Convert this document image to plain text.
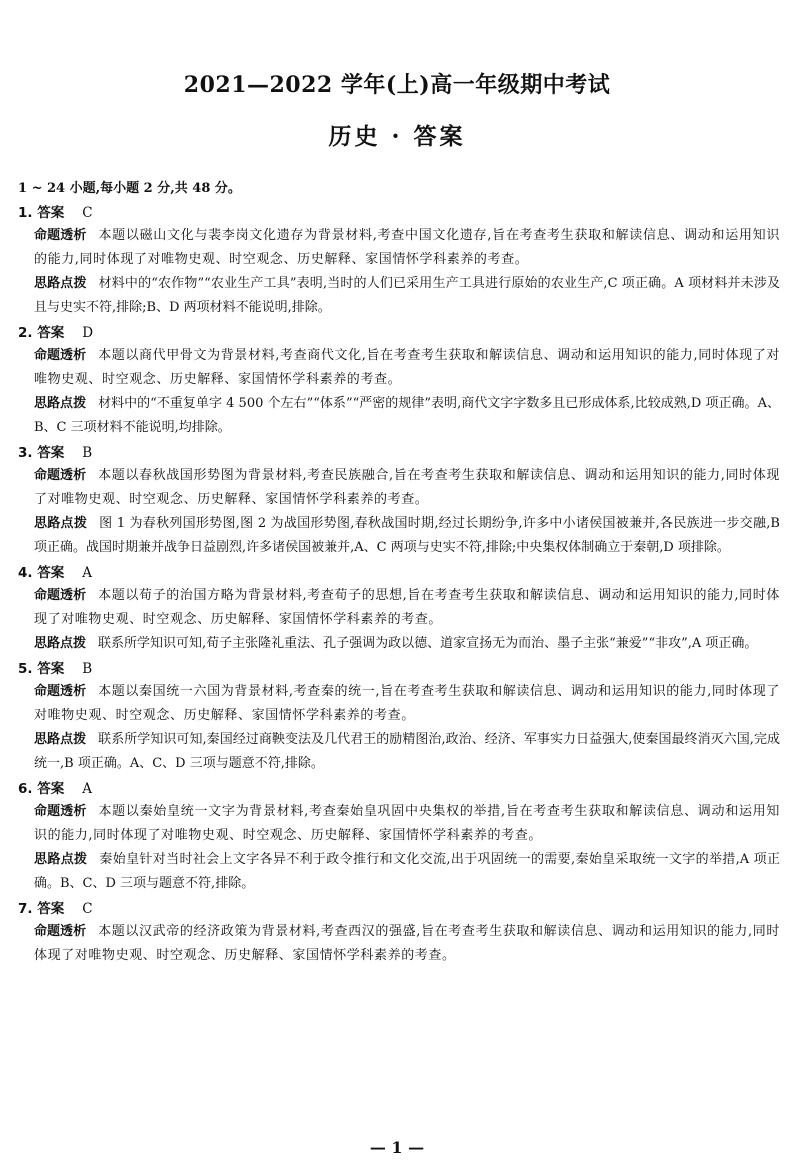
2021—2022 学年(上)高一年级期中考试
历史 · 答案
1 ~ 24 小题,每小题 2 分,共 48 分。
1. 答案 C
命题透析 本题以磁山文化与裴李岗文化遗存为背景材料,考查中国文化遗存,旨在考查考生获取和解读信息、调动和运用知识的能力,同时体现了对唯物史观、时空观念、历史解释、家国情怀学科素养的考查。
思路点拨 材料中的“农作物”“农业生产工具”表明,当时的人们已采用生产工具进行原始的农业生产,C 项正确。A 项材料并未涉及且与史实不符,排除;B、D 两项材料不能说明,排除。
2. 答案 D
命题透析 本题以商代甲骨文为背景材料,考查商代文化,旨在考查考生获取和解读信息、调动和运用知识的能力,同时体现了对唯物史观、时空观念、历史解释、家国情怀学科素养的考查。
思路点拨 材料中的“不重复单字 4 500 个左右”“体系”“严密的规律”表明,商代文字字数多且已形成体系,比较成熟,D 项正确。A、B、C 三项材料不能说明,均排除。
3. 答案 B
命题透析 本题以春秋战国形势图为背景材料,考查民族融合,旨在考查考生获取和解读信息、调动和运用知识的能力,同时体现了对唯物史观、时空观念、历史解释、家国情怀学科素养的考查。
思路点拨 图 1 为春秋列国形势图,图 2 为战国形势图,春秋战国时期,经过长期纷争,许多中小诸侯国被兼并,各民族进一步交融,B 项正确。战国时期兼并战争日益剧烈,许多诸侯国被兼并,A、C 两项与史实不符,排除;中央集权体制确立于秦朝,D 项排除。
4. 答案 A
命题透析 本题以荀子的治国方略为背景材料,考查荀子的思想,旨在考查考生获取和解读信息、调动和运用知识的能力,同时体现了对唯物史观、时空观念、历史解释、家国情怀学科素养的考查。
思路点拨 联系所学知识可知,荀子主张隆礼重法、孔子强调为政以德、道家宣扬无为而治、墨子主张“兼爱”“非攻”,A 项正确。
5. 答案 B
命题透析 本题以秦国统一六国为背景材料,考查秦的统一,旨在考查考生获取和解读信息、调动和运用知识的能力,同时体现了对唯物史观、时空观念、历史解释、家国情怀学科素养的考查。
思路点拨 联系所学知识可知,秦国经过商鞅变法及几代君王的励精图治,政治、经济、军事实力日益强大,使秦国最终消灭六国,完成统一,B 项正确。A、C、D 三项与题意不符,排除。
6. 答案 A
命题透析 本题以秦始皇统一文字为背景材料,考查秦始皇巩固中央集权的举措,旨在考查考生获取和解读信息、调动和运用知识的能力,同时体现了对唯物史观、时空观念、历史解释、家国情怀学科素养的考查。
思路点拨 秦始皇针对当时社会上文字各异不利于政令推行和文化交流,出于巩固统一的需要,秦始皇采取统一文字的举措,A 项正确。B、C、D 三项与题意不符,排除。
7. 答案 C
命题透析 本题以汉武帝的经济政策为背景材料,考查西汉的强盛,旨在考查考生获取和解读信息、调动和运用知识的能力,同时体现了对唯物史观、时空观念、历史解释、家国情怀学科素养的考查。
— 1 —
